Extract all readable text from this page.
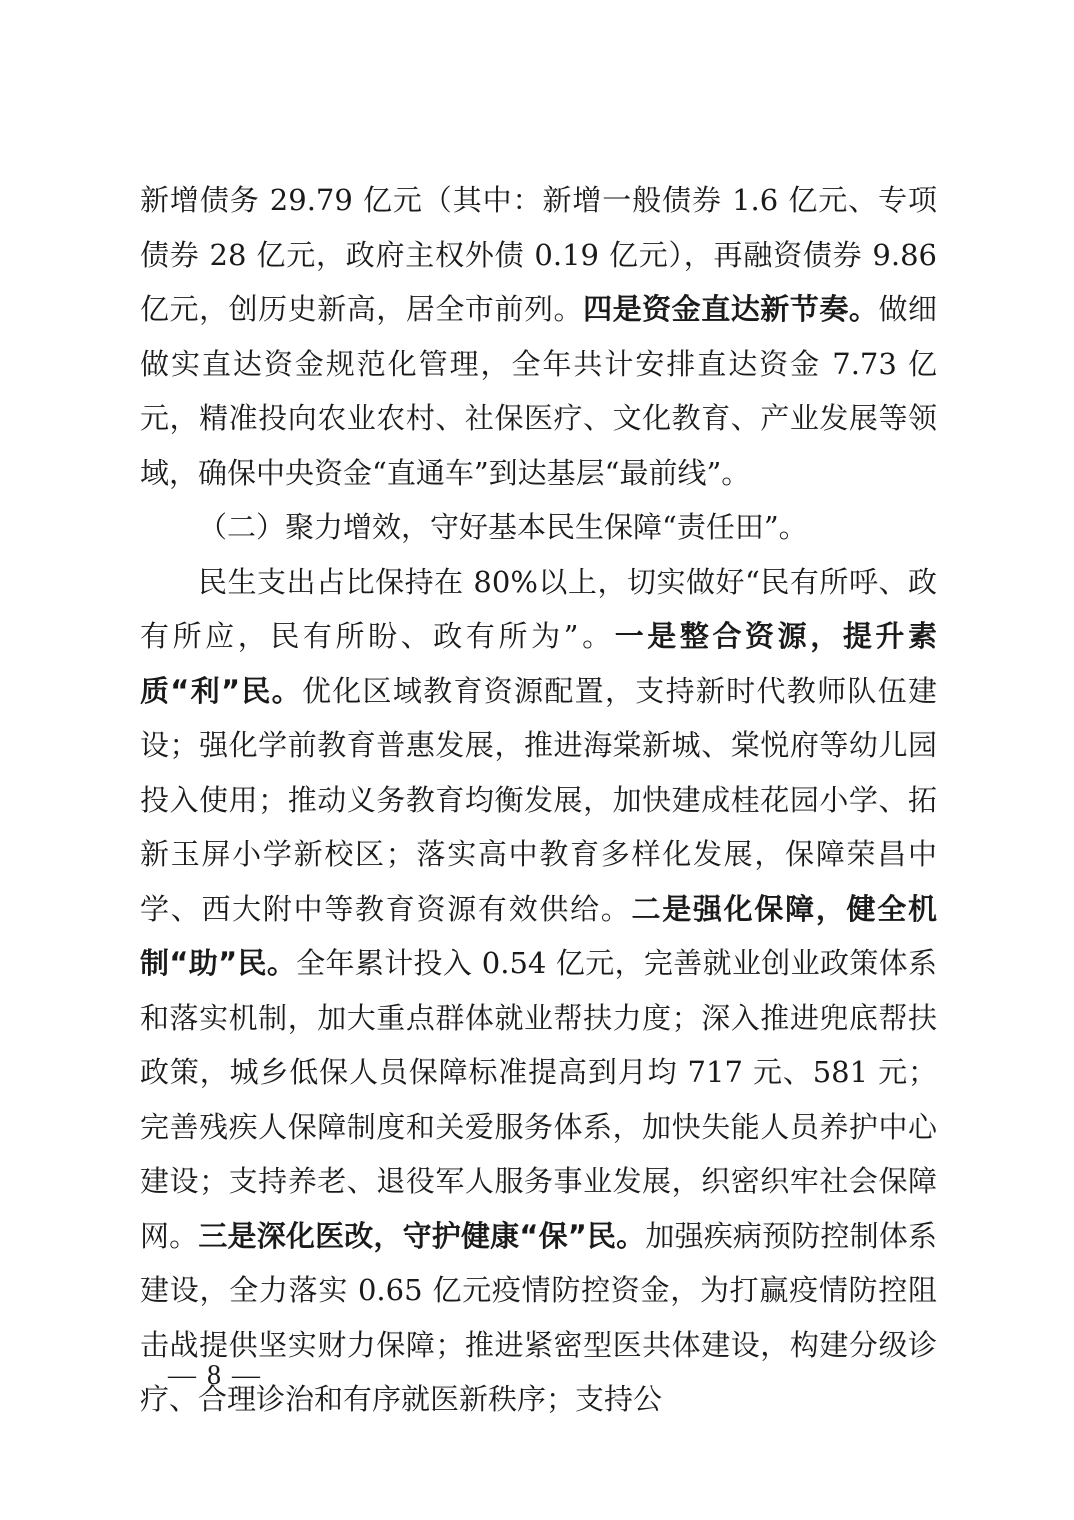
新增债务 29.79 亿元（其中：新增一般债券 1.6 亿元、专项债券 28 亿元，政府主权外债 0.19 亿元），再融资债券 9.86 亿元，创历史新高，居全市前列。四是资金直达新节奏。做细做实直达资金规范化管理，全年共计安排直达资金 7.73 亿元，精准投向农业农村、社保医疗、文化教育、产业发展等领域，确保中央资金“直通车”到达基层“最前线”。

（二）聚力增效，守好基本民生保障“责任田”。

民生支出占比保持在 80%以上，切实做好“民有所呼、政有所应，民有所盼、政有所为”。一是整合资源，提升素质“利”民。优化区域教育资源配置，支持新时代教师队伍建设；强化学前教育普惠发展，推进海棠新城、棠悦府等幼儿园投入使用；推动义务教育均衡发展，加快建成桂花园小学、拓新玉屏小学新校区；落实高中教育多样化发展，保障荣昌中学、西大附中等教育资源有效供给。二是强化保障，健全机制“助”民。全年累计投入 0.54 亿元，完善就业创业政策体系和落实机制，加大重点群体就业帮扶力度；深入推进兜底帮扶政策，城乡低保人员保障标准提高到月均 717 元、581 元；完善残疾人保障制度和关爱服务体系，加快失能人员养护中心建设；支持养老、退役军人服务事业发展，织密织牢社会保障网。三是深化医改，守护健康“保”民。加强疾病预防控制体系建设，全力落实 0.65 亿元疫情防控资金，为打赢疫情防控阻击战提供坚实财力保障；推进紧密型医共体建设，构建分级诊疗、合理诊治和有序就医新秩序；支持公

— 8 —
